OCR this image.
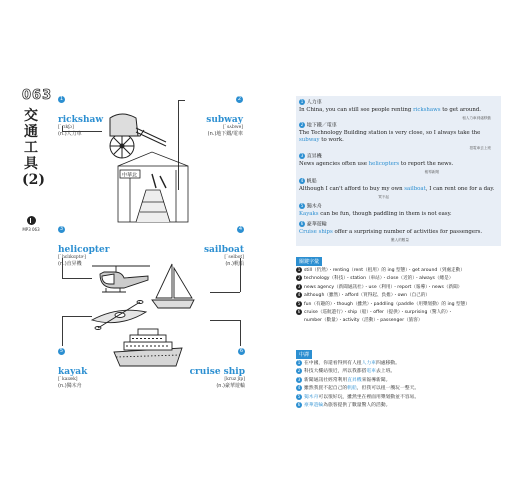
063
交通工具(2)
MP3 063
1
rickshaw
[ˋrɪkʃɔ]
(n.)人力車
2
subway
[ˋsʌbwe]
(n.)地下鐵/電車
3
helicopter
[ˋhɛlɪkɑptɚ]
(n.)直昇機
4
sailboat
[ˋselbot]
(n.)帆船
5
kayak
[ˋkaɪæk]
(n.)獨木舟
6
cruise ship
[kruz ʃɪp]
(n.)豪華遊輪
中華北
1 人力車
In China, you can still see people renting rickshaws to get around.
租人力車到處移動
2 地下鐵／電車
The Technology Building station is very close, so I always take the subway to work.
搭電車去上班
3 直昇機
News agencies often use helicopters to report the news.
報導新聞
4 帆船
Although I can't afford to buy my own sailboat, I can rent one for a day.
買不起
5 獨木舟
Kayaks can be fun, though paddling in them is not easy.
6 豪華遊輪
Cruise ships offer a surprising number of activities for passengers.
驚人的數量
關鍵字彙
1 still（仍然）・renting（rent（租用）的 ing 型態）・get around（到處走動）
2 technology（科技）・station（車站）・close（近的）・always（總是）
3 news agency（新聞通訊社）・use（利用）・report（報導）・news（新聞）
4 although（雖然）・afford（買得起、負擔）・own（自己的）
5 fun（有趣的）・though（雖然）・paddling（paddle（用槳划動）的 ing 型態）
6 cruise（巡航遊行）・ship（船）・offer（提供）・surprising（驚人的）・
number（數量）・activity（活動）・passenger（旅客）
中譯
1 在中國，你還看得到有人租人力車四處移動。
2 科技大樓站很近，所以我都搭電車去上班。
3 新聞通訊社經常利用直昇機來報導新聞。
4 雖然我買不起自己的帆船，但我可以租一艘玩一整天。
5 獨木舟可以很好玩，雖然坐在裡面用槳划動並不容易。
6 豪華遊輪為旅客提供了數量驚人的活動。
